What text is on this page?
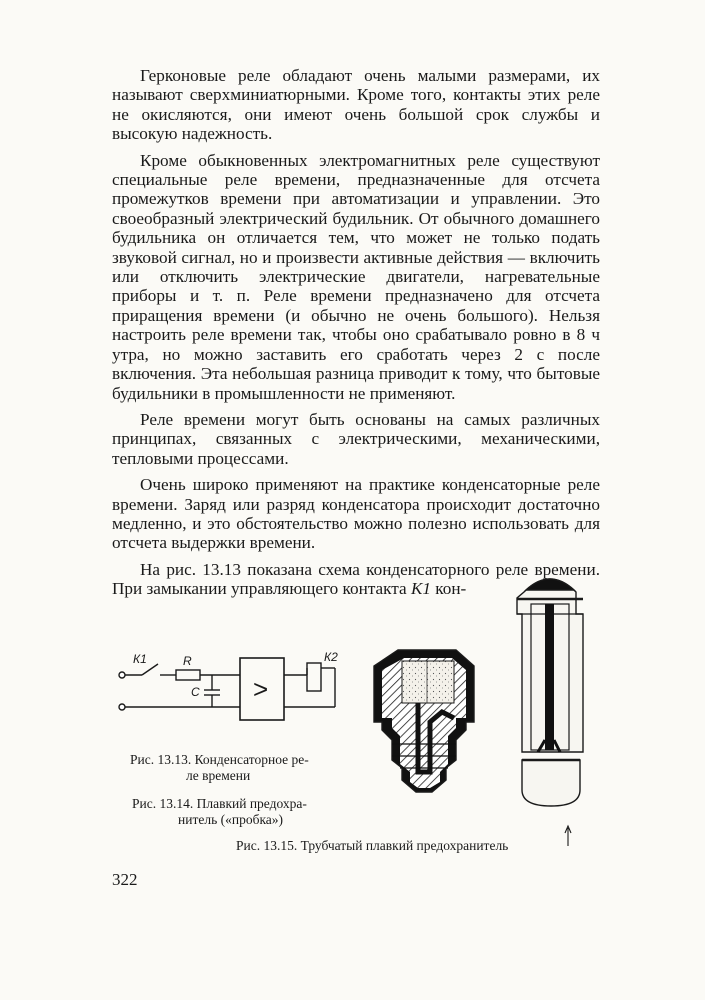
Герконовые реле обладают очень малыми размерами, их называют сверхминиатюрными. Кроме того, контакты этих реле не окисляются, они имеют очень большой срок службы и высокую надежность.

Кроме обыкновенных электромагнитных реле существуют специальные реле времени, предназначенные для отсчета промежутков времени при автоматизации и управлении. Это своеобразный электрический будильник. От обычного домашнего будильника он отличается тем, что может не только подать звуковой сигнал, но и произвести активные действия — включить или отключить электрические двигатели, нагревательные приборы и т. п. Реле времени предназначено для отсчета приращения времени (и обычно не очень большого). Нельзя настроить реле времени так, чтобы оно срабатывало ровно в 8 ч утра, но можно заставить его сработать через 2 с после включения. Эта небольшая разница приводит к тому, что бытовые будильники в промышленности не применяют.

Реле времени могут быть основаны на самых различных принципах, связанных с электрическими, механическими, тепловыми процессами.

Очень широко применяют на практике конденсаторные реле времени. Заряд или разряд конденсатора происходит достаточно медленно, и это обстоятельство можно полезно использовать для отсчета выдержки времени.

На рис. 13.13 показана схема конденсаторного реле времени. При замыкании управляющего контакта К1 кон-

К1	R
С >
К2
Рис. 13.13. Конденсаторное ре-
ле времени
Рис. 13.14. Плавкий предохра-
нитель («пробка»)
Рис. 13.15. Трубчатый плавкий предохранитель
322
